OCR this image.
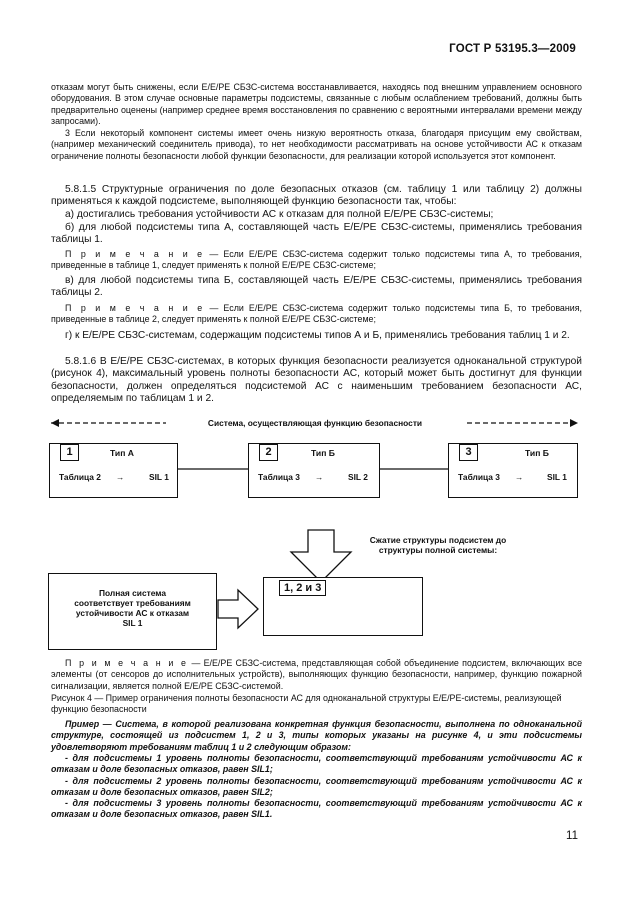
ГОСТ Р 53195.3—2009

отказам могут быть снижены, если Е/Е/РЕ СБЗС-система восстанавливается, находясь под внешним управлением основного оборудования. В этом случае основные параметры подсистемы, связанные с любым ослаблением требований, должны быть предварительно оценены (например среднее время восстановления по сравнению с вероятными интервалами времени между запросами).

3 Если некоторый компонент системы имеет очень низкую вероятность отказа, благодаря присущим ему свойствам, (например механический соединитель привода), то нет необходимости рассматривать на основе устойчивости АС к отказам ограничение полноты безопасности любой функции безопасности, для реализации которой используется этот компонент.

5.8.1.5 Структурные ограничения по доле безопасных отказов (см. таблицу 1 или таблицу 2) должны применяться к каждой подсистеме, выполняющей функцию безопасности так, чтобы:

а) достигались требования устойчивости АС к отказам для полной Е/Е/РЕ СБЗС-системы;

б) для любой подсистемы типа А, составляющей часть Е/Е/РЕ СБЗС-системы, применялись требования таблицы 1.

П р и м е ч а н и е — Если Е/Е/РЕ СБЗС-система содержит только подсистемы типа А, то требования, приведенные в таблице 1, следует применять к полной Е/Е/РЕ СБЗС-системе;

в) для любой подсистемы типа Б, составляющей часть Е/Е/РЕ СБЗС-системы, применялись требования таблицы 2.

П р и м е ч а н и е — Если Е/Е/РЕ СБЗС-система содержит только подсистемы типа Б, то требования, приведенные в таблице 2, следует применять к полной Е/Е/РЕ СБЗС-системе;

г) к Е/Е/РЕ СБЗС-системам, содержащим подсистемы типов А и Б, применялись требования таблиц 1 и 2.

5.8.1.6 В Е/Е/РЕ СБЗС-системах, в которых функция безопасности реализуется одноканальной структурой (рисунок 4), максимальный уровень полноты безопасности АС, который может быть достигнут для функции безопасности, должен определяться подсистемой АС с наименьшим требованием безопасности АС, определяемым по таблицам 1 и 2.

Система, осуществляющая функцию безопасности
1	Тип А
Таблица 2 →	SIL 1
2	Тип Б
Таблица 3 →	SIL 2
3	Тип Б
Таблица 3 →	SIL 1
Сжатие структуры подсистем до структуры полной системы:
Полная система соответствует требованиям устойчивости АС к отказам SIL 1
1, 2 и 3

П р и м е ч а н и е — Е/Е/РЕ СБЗС-система, представляющая собой объединение подсистем, включающих все элементы (от сенсоров до исполнительных устройств), выполняющих функцию безопасности, например, функцию пожарной сигнализации, является полной Е/Е/РЕ СБЗС-системой.

Рисунок 4 — Пример ограничения полноты безопасности АС для одноканальной структуры Е/Е/РЕ-системы, реализующей функцию безопасности

Пример — Система, в которой реализована конкретная функция безопасности, выполнена по одноканальной структуре, состоящей из подсистем 1, 2 и 3, типы которых указаны на рисунке 4, и эти подсистемы удовлетворяют требованиям таблиц 1 и 2 следующим образом:

- для подсистемы 1 уровень полноты безопасности, соответствующий требованиям устойчивости АС к отказам и доле безопасных отказов, равен SIL1;

- для подсистемы 2 уровень полноты безопасности, соответствующий требованиям устойчивости АС к отказам и доле безопасных отказов, равен SIL2;

- для подсистемы 3 уровень полноты безопасности, соответствующий требованиям устойчивости АС к отказам и доле безопасных отказов, равен SIL1.

11
